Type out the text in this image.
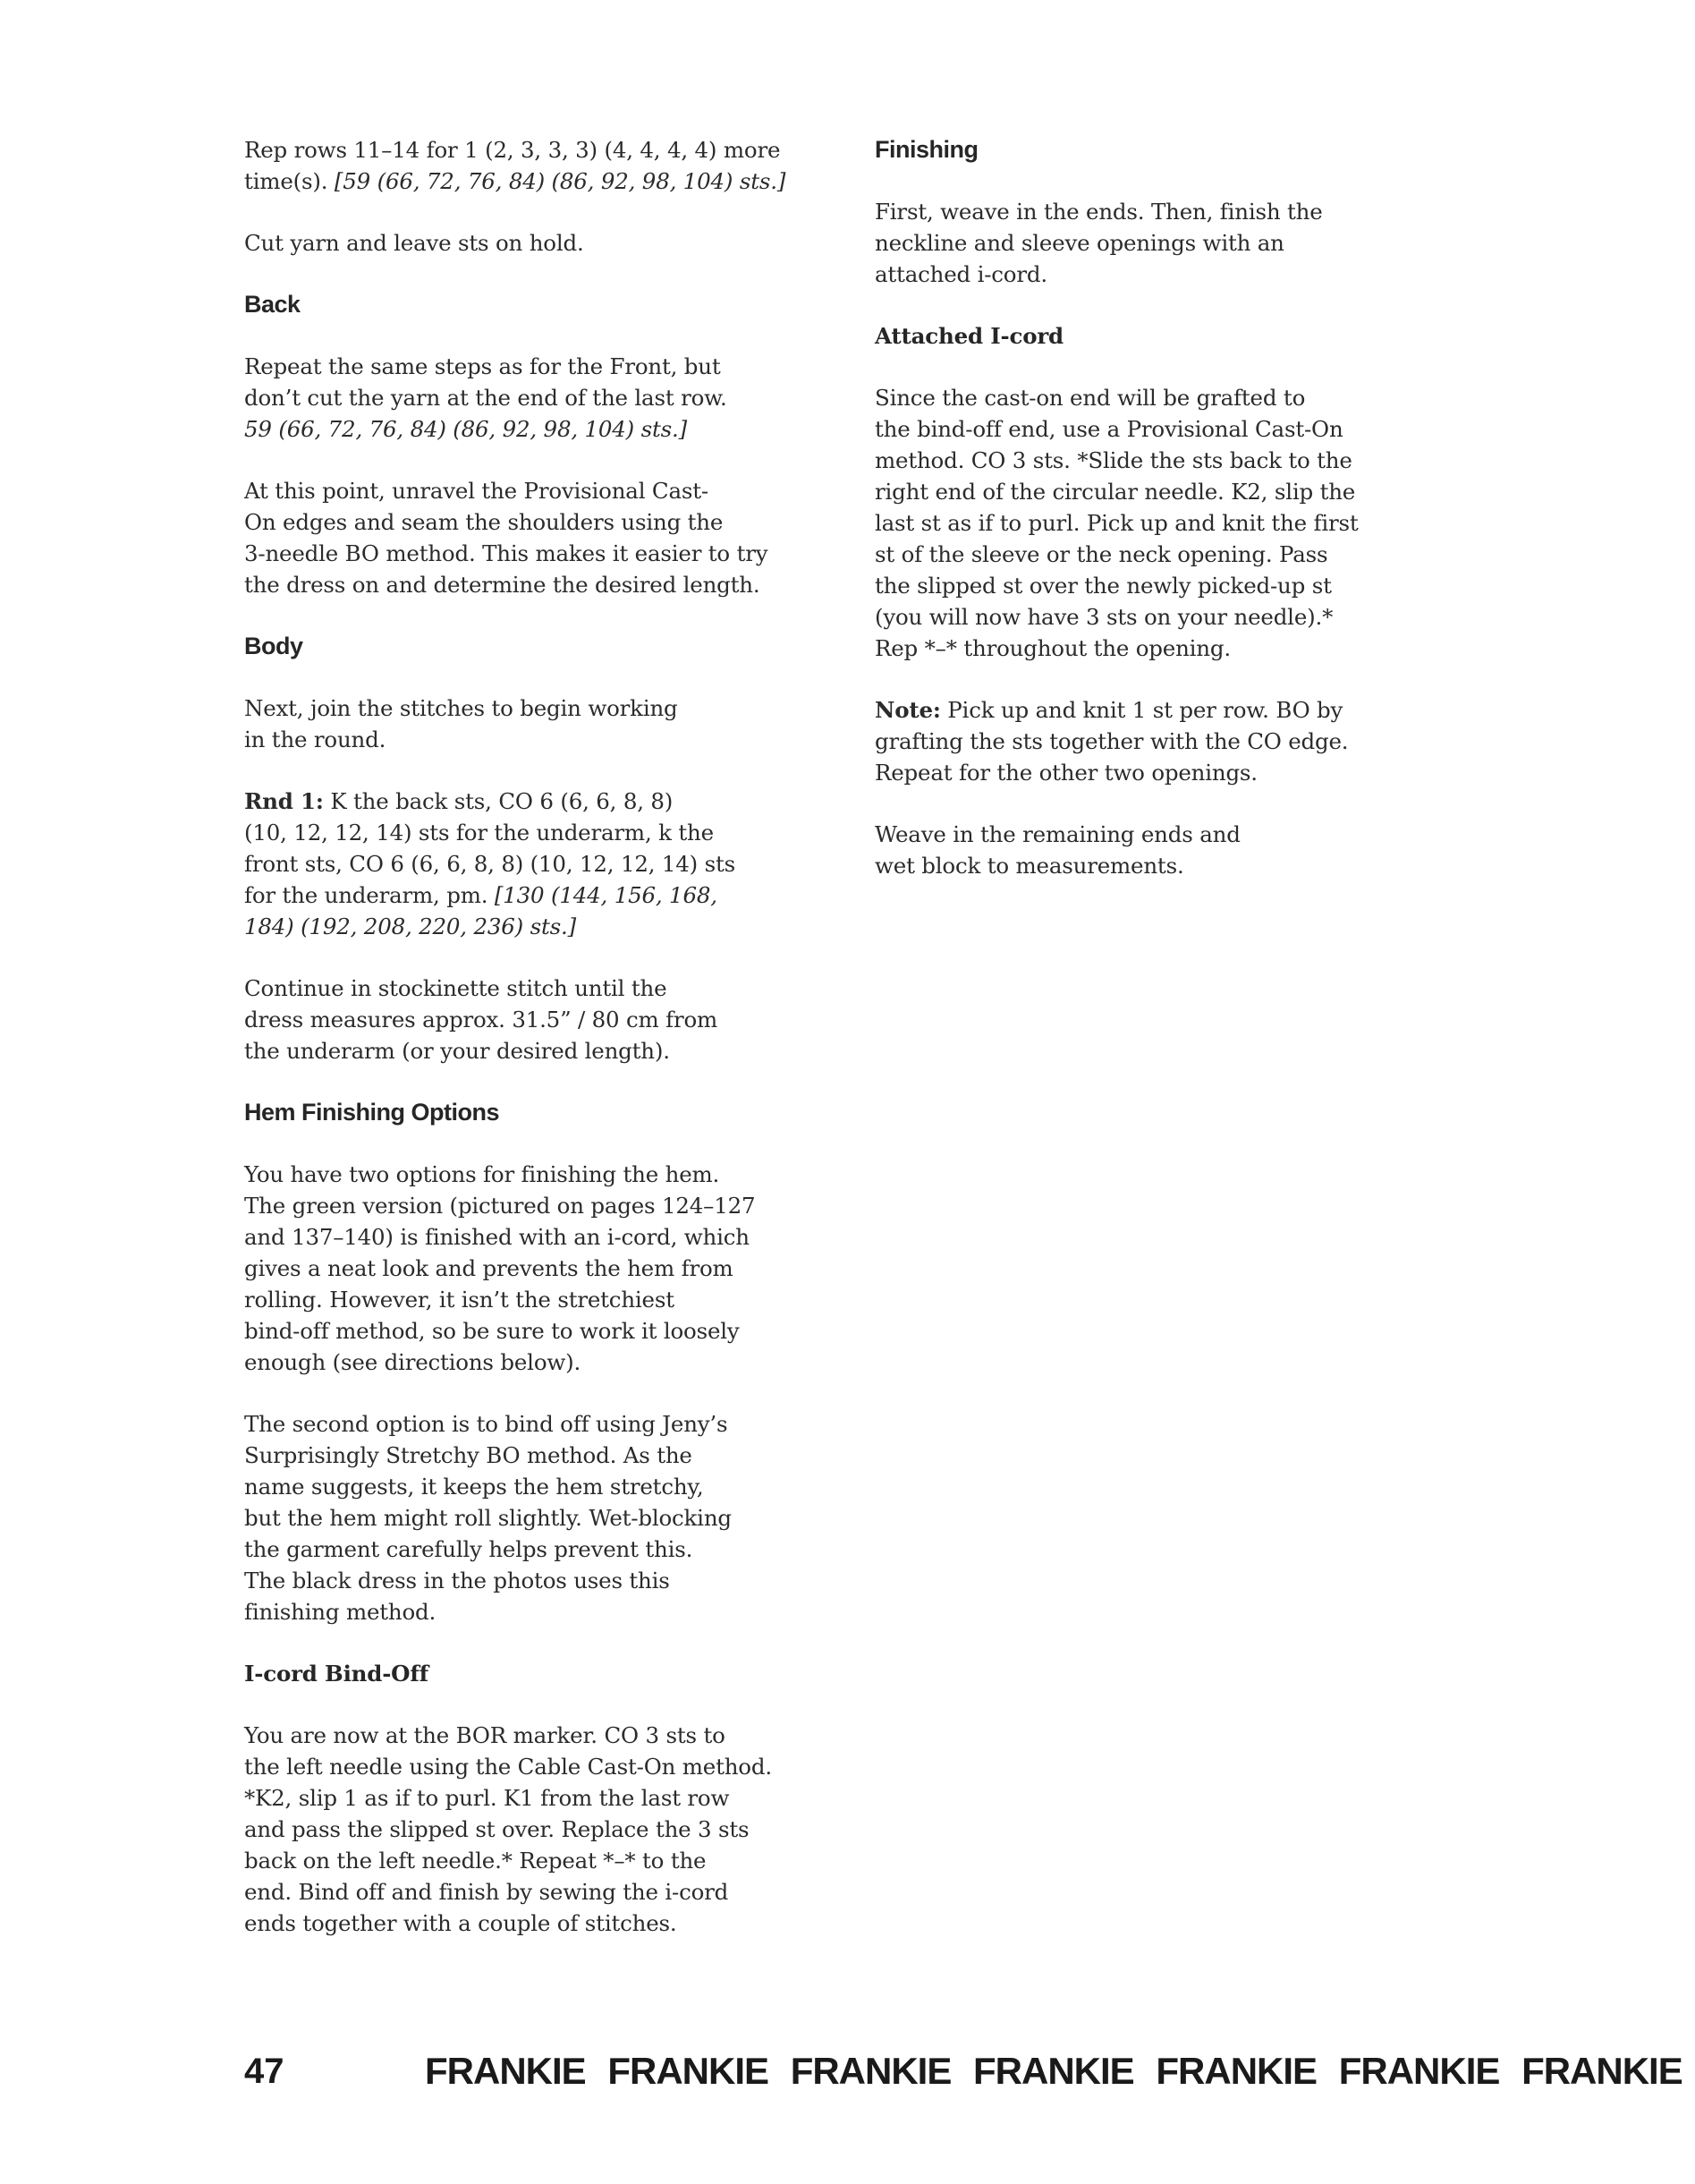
Rep rows 11–14 for 1 (2, 3, 3, 3) (4, 4, 4, 4) more
time(s). [59 (66, 72, 76, 84) (86, 92, 98, 104) sts.]

Cut yarn and leave sts on hold.

Back

Repeat the same steps as for the Front, but
don’t cut the yarn at the end of the last row.
59 (66, 72, 76, 84) (86, 92, 98, 104) sts.]

At this point, unravel the Provisional Cast-
On edges and seam the shoulders using the
3-needle BO method. This makes it easier to try
the dress on and determine the desired length.

Body

Next, join the stitches to begin working
in the round.

Rnd 1: K the back sts, CO 6 (6, 6, 8, 8)
(10, 12, 12, 14) sts for the underarm, k the
front sts, CO 6 (6, 6, 8, 8) (10, 12, 12, 14) sts
for the underarm, pm. [130 (144, 156, 168,
184) (192, 208, 220, 236) sts.]

Continue in stockinette stitch until the
dress measures approx. 31.5” / 80 cm from
the underarm (or your desired length).

Hem Finishing Options

You have two options for finishing the hem.
The green version (pictured on pages 124–127
and 137–140) is finished with an i-cord, which
gives a neat look and prevents the hem from
rolling. However, it isn’t the stretchiest
bind-off method, so be sure to work it loosely
enough (see directions below).

The second option is to bind off using Jeny’s
Surprisingly Stretchy BO method. As the
name suggests, it keeps the hem stretchy,
but the hem might roll slightly. Wet-blocking
the garment carefully helps prevent this.
The black dress in the photos uses this
finishing method.

I-cord Bind-Off

You are now at the BOR marker. CO 3 sts to
the left needle using the Cable Cast-On method.
*K2, slip 1 as if to purl. K1 from the last row
and pass the slipped st over. Replace the 3 sts
back on the left needle.* Repeat *–* to the
end. Bind off and finish by sewing the i-cord
ends together with a couple of stitches.

Finishing

First, weave in the ends. Then, finish the
neckline and sleeve openings with an
attached i-cord.

Attached I-cord

Since the cast-on end will be grafted to
the bind-off end, use a Provisional Cast-On
method. CO 3 sts. *Slide the sts back to the
right end of the circular needle. K2, slip the
last st as if to purl. Pick up and knit the first
st of the sleeve or the neck opening. Pass
the slipped st over the newly picked-up st
(you will now have 3 sts on your needle).*
Rep *–* throughout the opening.

Note: Pick up and knit 1 st per row. BO by
grafting the sts together with the CO edge.
Repeat for the other two openings.

Weave in the remaining ends and
wet block to measurements.

47	FRANKIE FRANKIE FRANKIE FRANKIE FRANKIE FRANKIE FRANKIE
